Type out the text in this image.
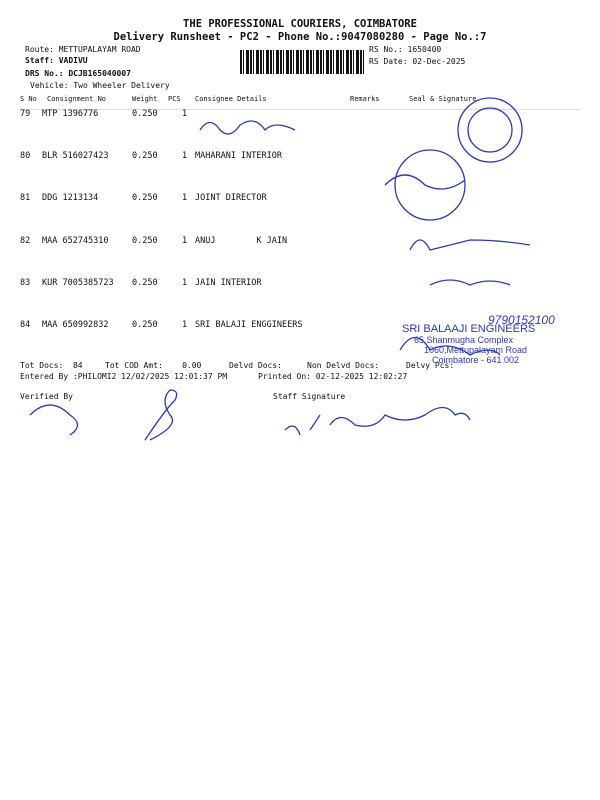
THE PROFESSIONAL COURIERS, COIMBATORE
Delivery Runsheet - PC2 - Phone No.:9047080280 - Page No.:7
Route: METTUPALAYAM ROAD
Staff: VADIVU
DRS No.: DCJB165040007
Vehicle: Two Wheeler Delivery
RS No.: 1650400
RS Date: 02-Dec-2025
S No Consignment No	Weight PCS Consignee Details	Remarks	Seal & Signature
79 MTP 1396776	0.250	1
80 BLR 516027423	0.250	1 MAHARANI INTERIOR
81 DDG 1213134	0.250	1 JOINT DIRECTOR
82 MAA 652745310	0.250	1 ANUJ        K JAIN
83 KUR 7005385723 0.250	1 JAIN INTERIOR
84 MAA 650992832	0.250	1 SRI BALAJI ENGGINEERS
Tot Docs:  84	Tot COD Amt:    0.00	Delvd Docs:	Non Delvd Docs:	Delvy Pcs:
Entered By :PHILOMI2 12/02/2025 12:01:37 PM	Printed On: 02-12-2025 12:02:27
Verified By	Staff Signature
SRI BALAAJI ENGINEERS
65,Shanmugha Complex
1060,Mettupalayam Road
Coimbatore - 641 002
9790152100
